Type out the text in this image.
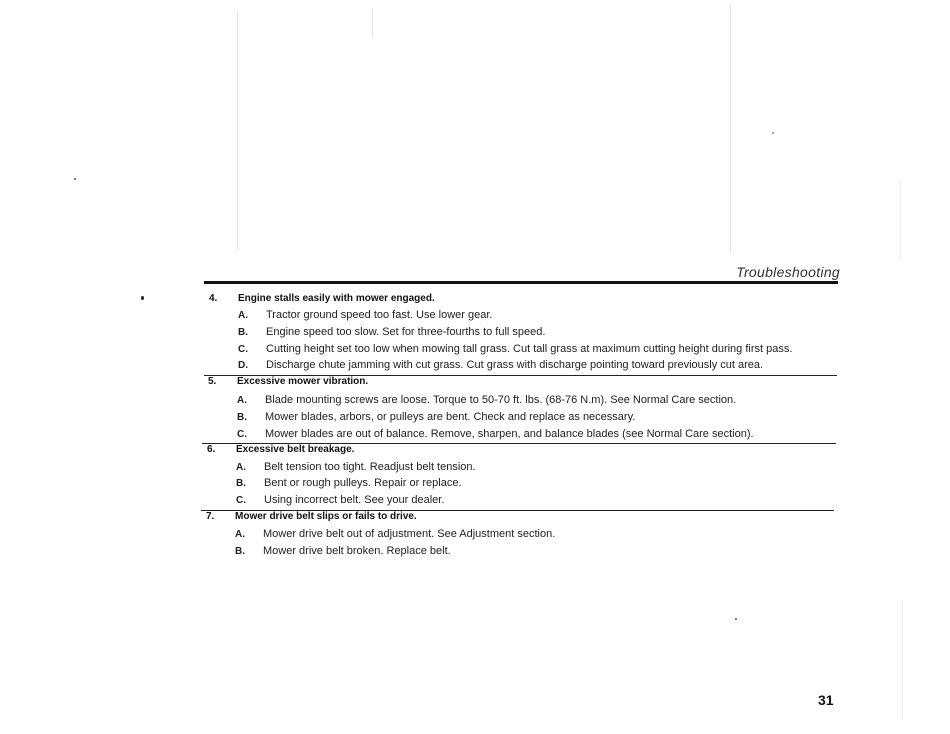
Troubleshooting
4. Engine stalls easily with mower engaged.
A. Tractor ground speed too fast. Use lower gear.
B. Engine speed too slow. Set for three-fourths to full speed.
C. Cutting height set too low when mowing tall grass. Cut tall grass at maximum cutting height during first pass.
D. Discharge chute jamming with cut grass. Cut grass with discharge pointing toward previously cut area.
5. Excessive mower vibration.
A. Blade mounting screws are loose. Torque to 50-70 ft. lbs. (68-76 N.m). See Normal Care section.
B. Mower blades, arbors, or pulleys are bent. Check and replace as necessary.
C. Mower blades are out of balance. Remove, sharpen, and balance blades (see Normal Care section).
6. Excessive belt breakage.
A. Belt tension too tight. Readjust belt tension.
B. Bent or rough pulleys. Repair or replace.
C. Using incorrect belt. See your dealer.
7. Mower drive belt slips or fails to drive.
A. Mower drive belt out of adjustment. See Adjustment section.
B. Mower drive belt broken. Replace belt.
31
